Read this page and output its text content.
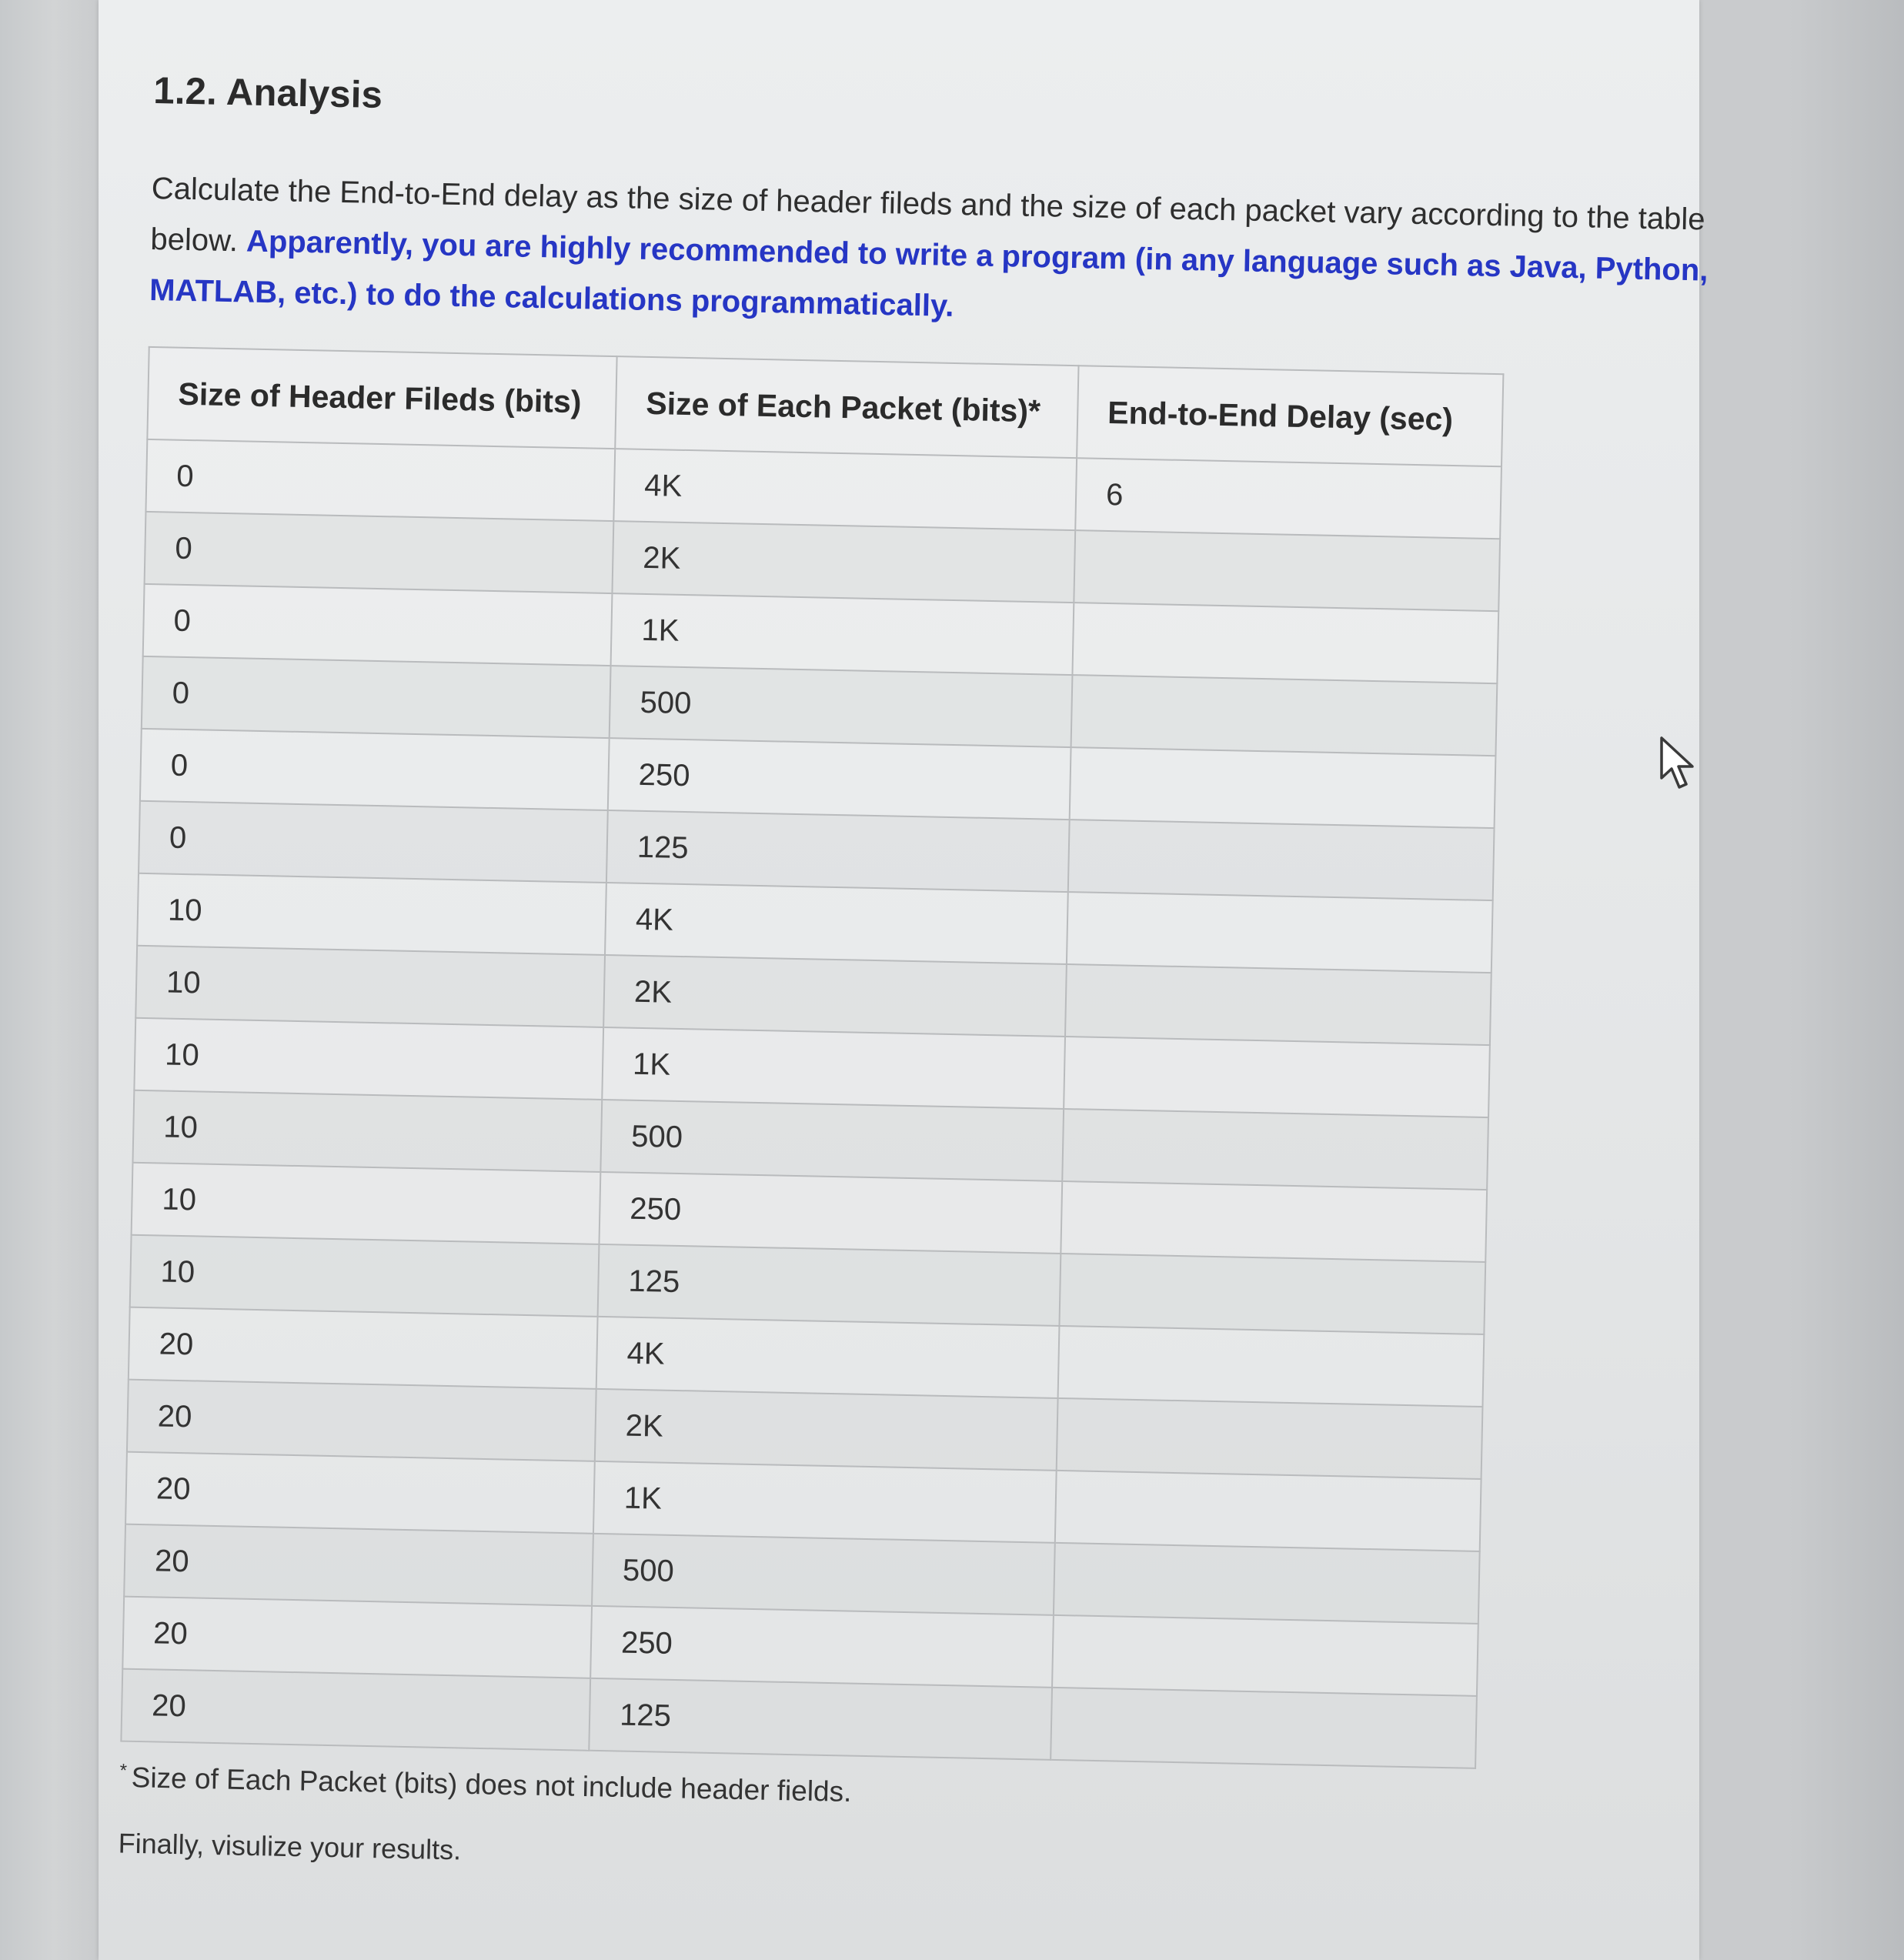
1.2. Analysis

Calculate the End-to-End delay as the size of header fileds and the size of each packet vary according to the table below. Apparently, you are highly recommended to write a program (in any language such as Java, Python, MATLAB, etc.) to do the calculations programmatically.

Size of Header Fileds (bits)	Size of Each Packet (bits)*	End-to-End Delay (sec)
0	4K	6
0	2K	
0	1K	
0	500	
0	250	
0	125	
10	4K	
10	2K	
10	1K	
10	500	
10	250	
10	125	
20	4K	
20	2K	
20	1K	
20	500	
20	250	
20	125	
* Size of Each Packet (bits) does not include header fields.
Finally, visulize your results.
